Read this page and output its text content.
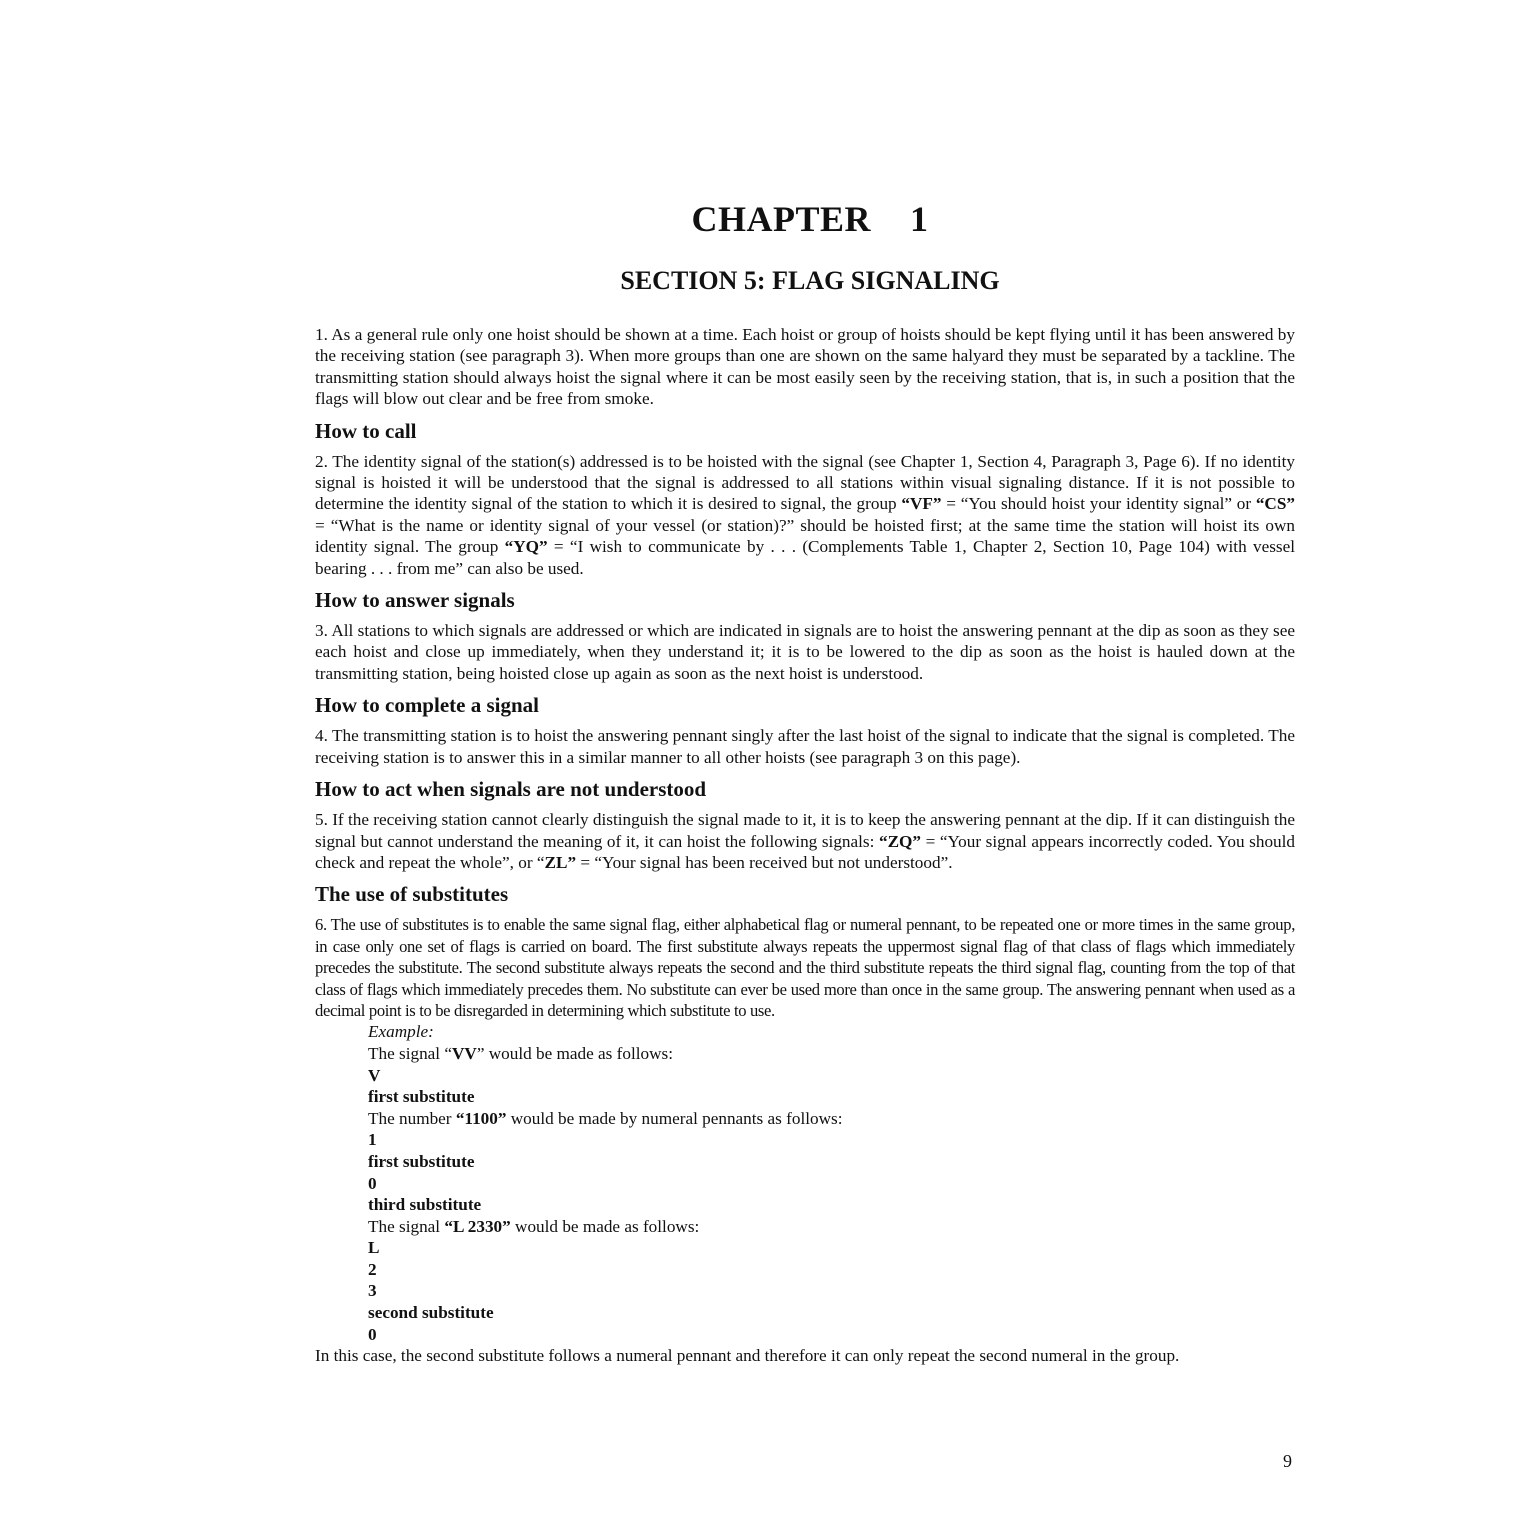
CHAPTER  1
SECTION 5: FLAG SIGNALING

1. As a general rule only one hoist should be shown at a time. Each hoist or group of hoists should be kept flying until it has been answered by the receiving station (see paragraph 3). When more groups than one are shown on the same halyard they must be separated by a tackline. The transmitting station should always hoist the signal where it can be most easily seen by the receiving station, that is, in such a position that the flags will blow out clear and be free from smoke.

How to call

2. The identity signal of the station(s) addressed is to be hoisted with the signal (see Chapter 1, Section 4, Paragraph 3, Page 6). If no identity signal is hoisted it will be understood that the signal is addressed to all stations within visual signaling distance. If it is not possible to determine the identity signal of the station to which it is desired to signal, the group “VF” = “You should hoist your identity signal” or “CS” = “What is the name or identity signal of your vessel (or station)?” should be hoisted first; at the same time the station will hoist its own identity signal. The group “YQ” = “I wish to communicate by . . . (Complements Table 1, Chapter 2, Section 10, Page 104) with vessel bearing . . . from me” can also be used.

How to answer signals

3. All stations to which signals are addressed or which are indicated in signals are to hoist the answering pennant at the dip as soon as they see each hoist and close up immediately, when they understand it; it is to be lowered to the dip as soon as the hoist is hauled down at the transmitting station, being hoisted close up again as soon as the next hoist is understood.

How to complete a signal

4. The transmitting station is to hoist the answering pennant singly after the last hoist of the signal to indicate that the signal is completed. The receiving station is to answer this in a similar manner to all other hoists (see paragraph 3 on this page).

How to act when signals are not understood

5. If the receiving station cannot clearly distinguish the signal made to it, it is to keep the answering pennant at the dip. If it can distinguish the signal but cannot understand the meaning of it, it can hoist the following signals: “ZQ” = “Your signal appears incorrectly coded. You should check and repeat the whole”, or “ZL” = “Your signal has been received but not understood”.

The use of substitutes

6. The use of substitutes is to enable the same signal flag, either alphabetical flag or numeral pennant, to be repeated one or more times in the same group, in case only one set of flags is carried on board. The first substitute always repeats the uppermost signal flag of that class of flags which immediately precedes the substitute. The second substitute always repeats the second and the third substitute repeats the third signal flag, counting from the top of that class of flags which immediately precedes them. No substitute can ever be used more than once in the same group. The answering pennant when used as a decimal point is to be disregarded in determining which substitute to use.

Example:
The signal “VV” would be made as follows:
V
first substitute
The number “1100” would be made by numeral pennants as follows:
1
first substitute
0
third substitute
The signal “L 2330” would be made as follows:
L
2
3
second substitute
0
In this case, the second substitute follows a numeral pennant and therefore it can only repeat the second numeral in the group.
9
